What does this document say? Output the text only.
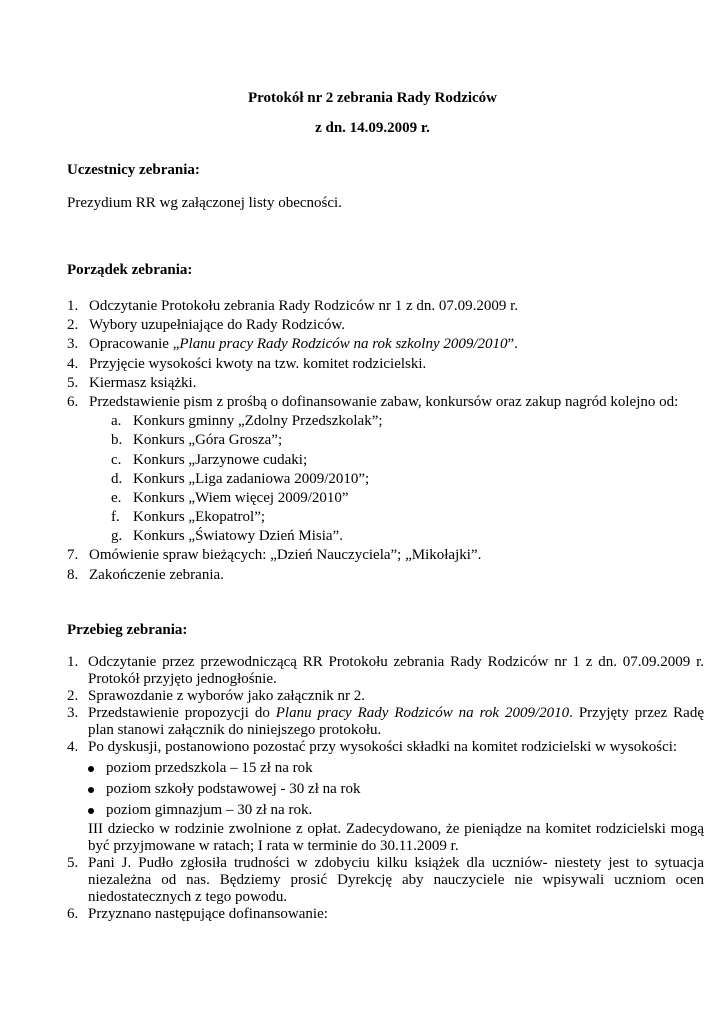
Protokół nr 2 zebrania Rady Rodziców
z dn. 14.09.2009 r.
Uczestnicy zebrania:
Prezydium RR wg załączonej listy obecności.
Porządek zebrania:
1. Odczytanie Protokołu zebrania Rady Rodziców nr 1 z dn. 07.09.2009 r.
2. Wybory uzupełniające do Rady Rodziców.
3. Opracowanie „Planu pracy Rady Rodziców na rok szkolny 2009/2010”.
4. Przyjęcie wysokości kwoty na tzw. komitet rodzicielski.
5. Kiermasz książki.
6. Przedstawienie pism z prośbą o dofinansowanie zabaw, konkursów oraz zakup nagród kolejno od:
a. Konkurs gminny „Zdolny Przedszkolak”;
b. Konkurs „Góra Grosza”;
c. Konkurs „Jarzynowe cudaki;
d. Konkurs „Liga zadaniowa 2009/2010”;
e. Konkurs „Wiem więcej 2009/2010”
f. Konkurs „Ekopatrol”;
g. Konkurs „Światowy Dzień Misia”.
7. Omówienie spraw bieżących: „Dzień Nauczyciela”; „Mikołajki”.
8. Zakończenie zebrania.
Przebieg zebrania:
1. Odczytanie przez przewodniczącą RR Protokołu zebrania Rady Rodziców nr 1 z dn. 07.09.2009 r. Protokół przyjęto jednogłośnie.
2. Sprawozdanie z wyborów jako załącznik nr 2.
3. Przedstawienie propozycji do Planu pracy Rady Rodziców na rok 2009/2010. Przyjęty przez Radę plan stanowi załącznik do niniejszego protokołu.
4. Po dyskusji, postanowiono pozostać przy wysokości składki na komitet rodzicielski w wysokości:
poziom przedszkola – 15 zł na rok
poziom szkoły podstawowej - 30 zł na rok
poziom gimnazjum – 30 zł na rok.
III dziecko w rodzinie zwolnione z opłat. Zadecydowano, że pieniądze na komitet rodzicielski mogą być przyjmowane w ratach; I rata w terminie do 30.11.2009 r.
5. Pani J. Pudło zgłosiła trudności w zdobyciu kilku książek dla uczniów- niestety jest to sytuacja niezależna od nas. Będziemy prosić Dyrekcję aby nauczyciele nie wpisywali uczniom ocen niedostatecznych z tego powodu.
6. Przyznano następujące dofinansowanie:
